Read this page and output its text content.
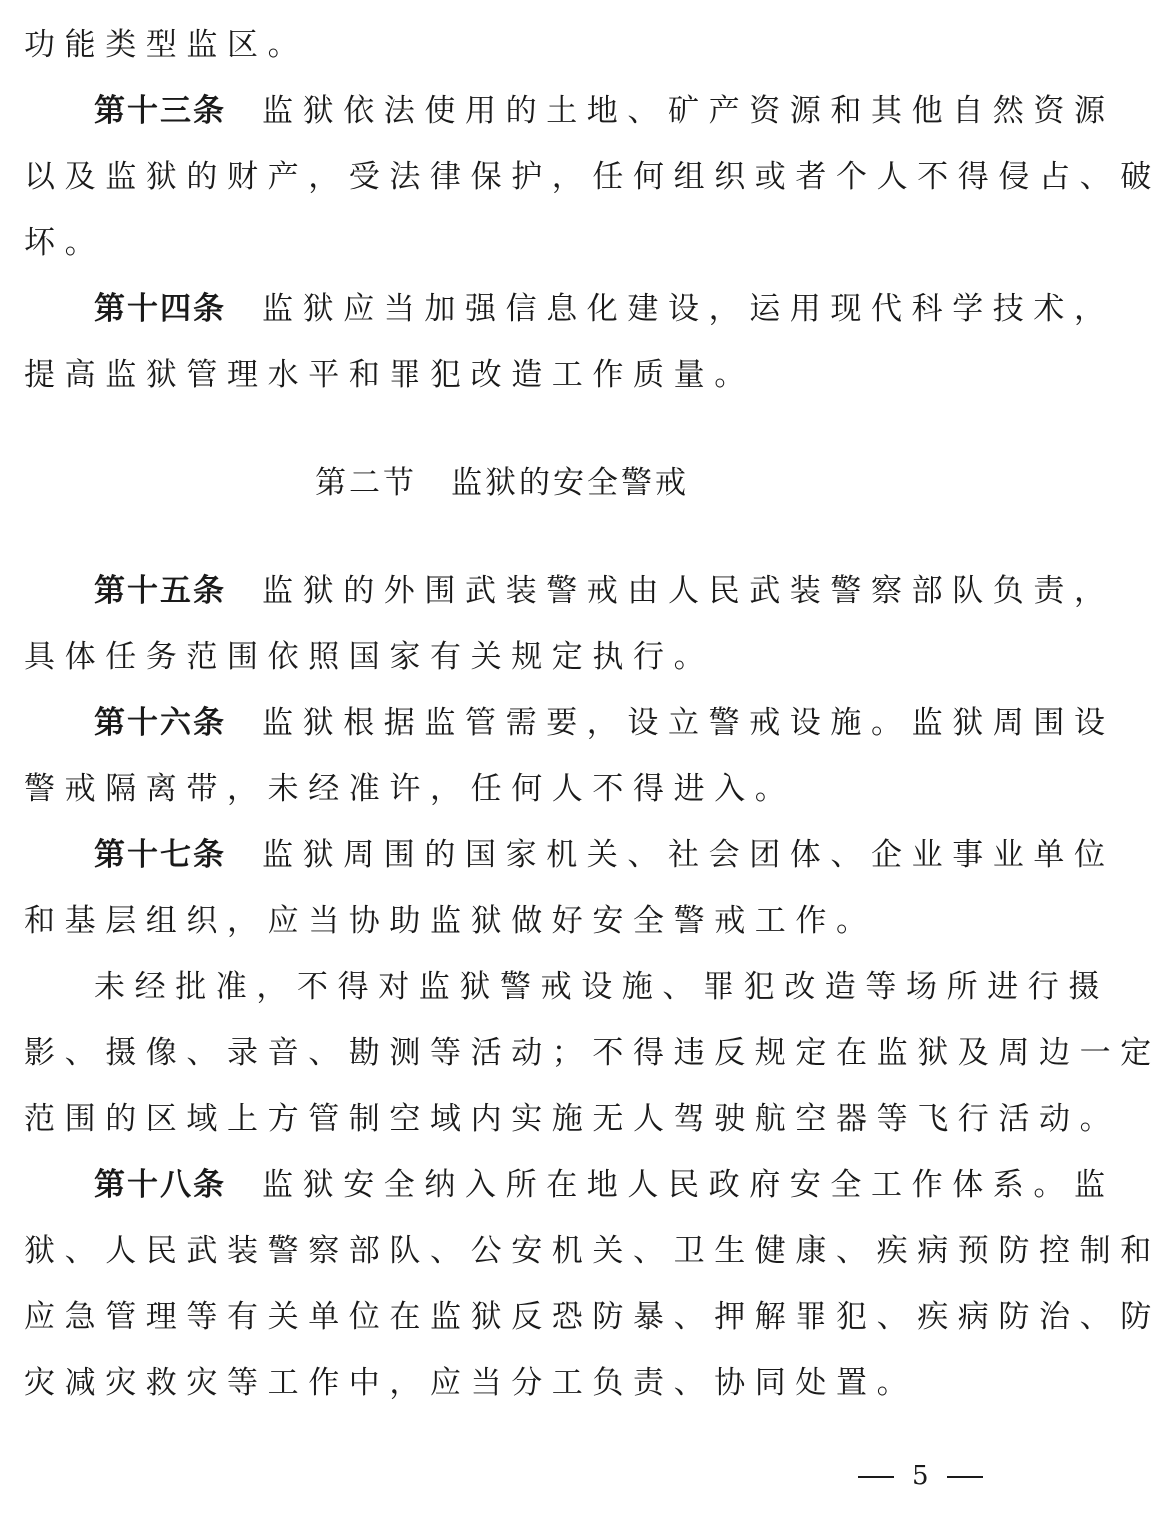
功能类型监区。
第十三条 监狱依法使用的土地、矿产资源和其他自然资源
以及监狱的财产，受法律保护，任何组织或者个人不得侵占、破
坏。
第十四条 监狱应当加强信息化建设，运用现代科学技术，
提高监狱管理水平和罪犯改造工作质量。
第二节 监狱的安全警戒
第十五条 监狱的外围武装警戒由人民武装警察部队负责，
具体任务范围依照国家有关规定执行。
第十六条 监狱根据监管需要，设立警戒设施。监狱周围设
警戒隔离带，未经准许，任何人不得进入。
第十七条 监狱周围的国家机关、社会团体、企业事业单位
和基层组织，应当协助监狱做好安全警戒工作。
未经批准，不得对监狱警戒设施、罪犯改造等场所进行摄
影、摄像、录音、勘测等活动；不得违反规定在监狱及周边一定
范围的区域上方管制空域内实施无人驾驶航空器等飞行活动。
第十八条 监狱安全纳入所在地人民政府安全工作体系。监
狱、人民武装警察部队、公安机关、卫生健康、疾病预防控制和
应急管理等有关单位在监狱反恐防暴、押解罪犯、疾病防治、防
灾减灾救灾等工作中，应当分工负责、协同处置。
5
